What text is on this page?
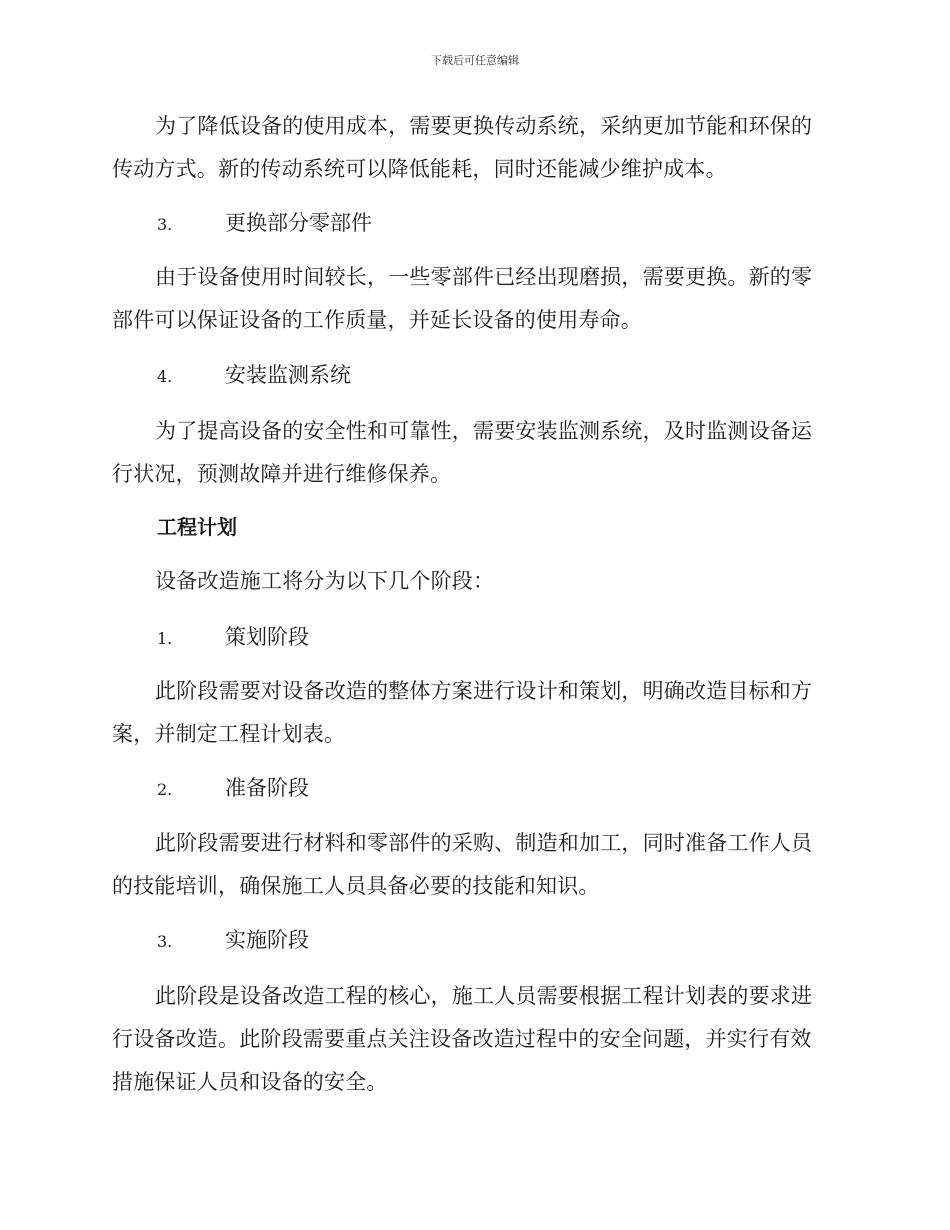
下载后可任意编辑

为了降低设备的使用成本，需要更换传动系统，采纳更加节能和环保的传动方式。新的传动系统可以降低能耗，同时还能减少维护成本。

3.	更换部分零部件

由于设备使用时间较长，一些零部件已经出现磨损，需要更换。新的零部件可以保证设备的工作质量，并延长设备的使用寿命。

4.	安装监测系统

为了提高设备的安全性和可靠性，需要安装监测系统，及时监测设备运行状况，预测故障并进行维修保养。

工程计划

设备改造施工将分为以下几个阶段：

1.	策划阶段

此阶段需要对设备改造的整体方案进行设计和策划，明确改造目标和方案，并制定工程计划表。

2.	准备阶段

此阶段需要进行材料和零部件的采购、制造和加工，同时准备工作人员的技能培训，确保施工人员具备必要的技能和知识。

3.	实施阶段

此阶段是设备改造工程的核心，施工人员需要根据工程计划表的要求进行设备改造。此阶段需要重点关注设备改造过程中的安全问题，并实行有效措施保证人员和设备的安全。
